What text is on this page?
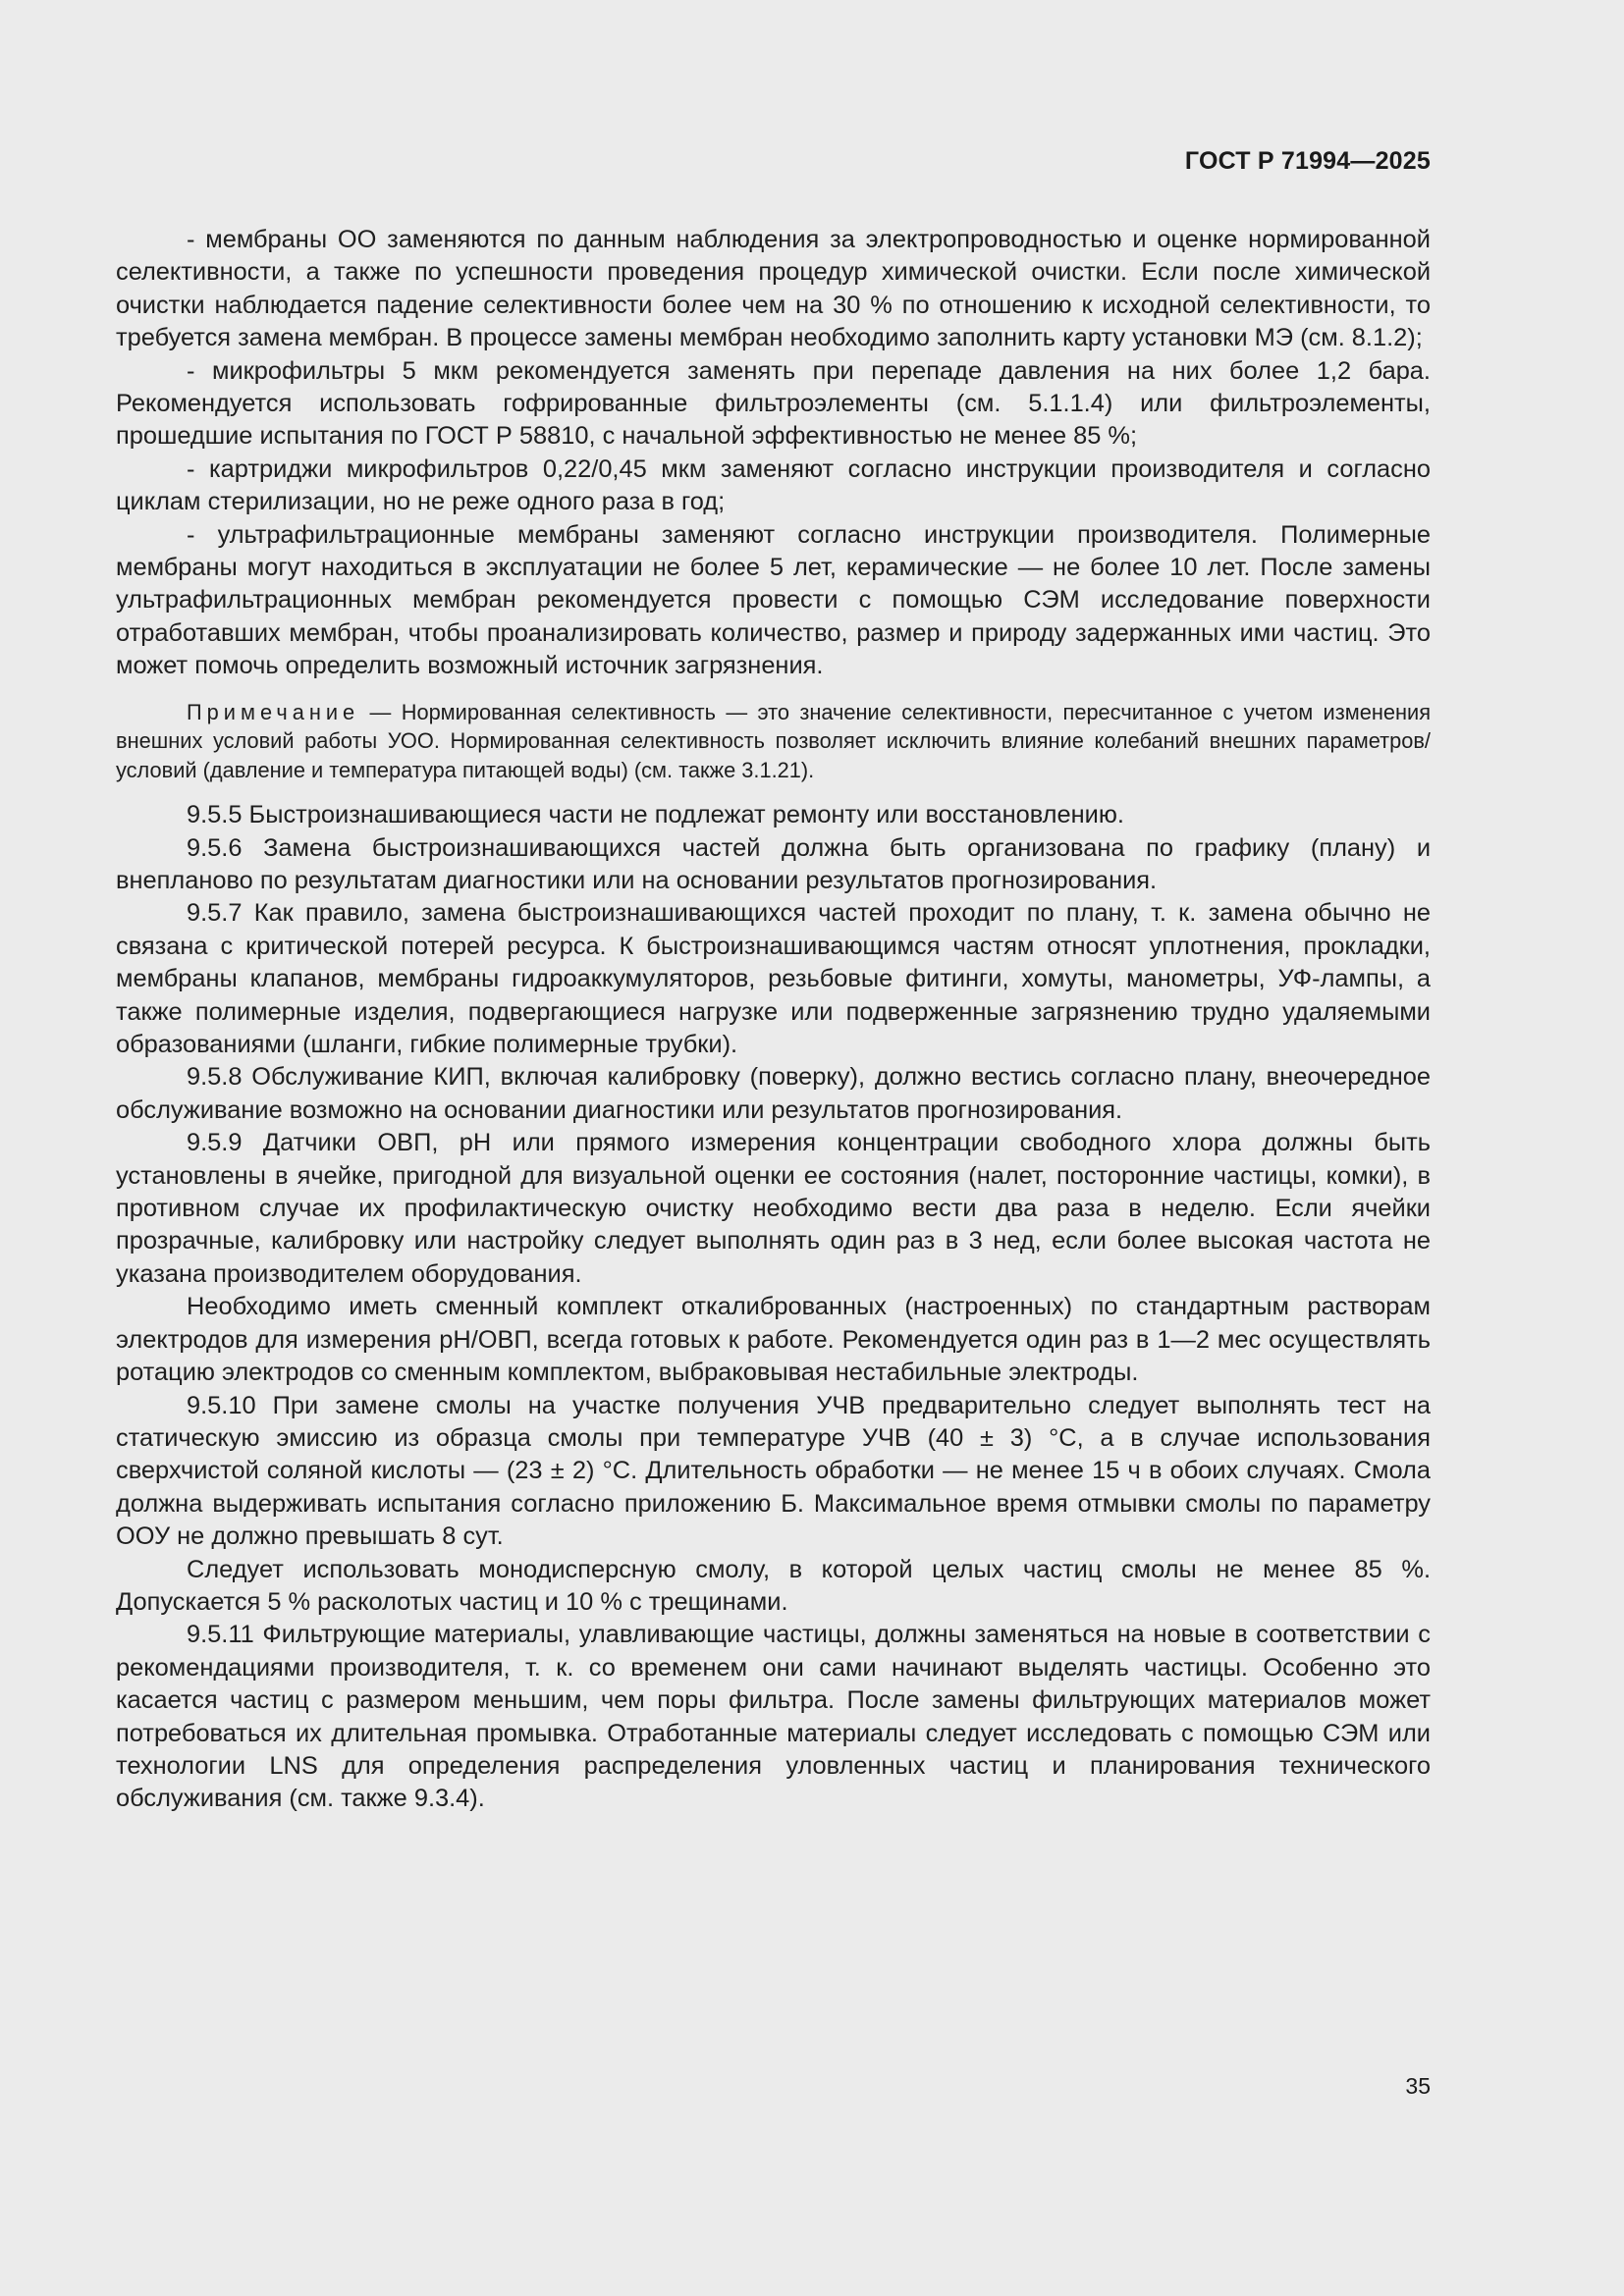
ГОСТ Р 71994—2025

- мембраны ОО заменяются по данным наблюдения за электропроводностью и оценке нормированной селективности, а также по успешности проведения процедур химической очистки. Если после химической очистки наблюдается падение селективности более чем на 30 % по отношению к исходной селективности, то требуется замена мембран. В процессе замены мембран необходимо заполнить карту установки МЭ (см. 8.1.2);

- микрофильтры 5 мкм рекомендуется заменять при перепаде давления на них более 1,2 бара. Рекомендуется использовать гофрированные фильтроэлементы (см. 5.1.1.4) или фильтроэлементы, прошедшие испытания по ГОСТ Р 58810, с начальной эффективностью не менее 85 %;

- картриджи микрофильтров 0,22/0,45 мкм заменяют согласно инструкции производителя и согласно циклам стерилизации, но не реже одного раза в год;

- ультрафильтрационные мембраны заменяют согласно инструкции производителя. Полимерные мембраны могут находиться в эксплуатации не более 5 лет, керамические — не более 10 лет. После замены ультрафильтрационных мембран рекомендуется провести с помощью СЭМ исследование поверхности отработавших мембран, чтобы проанализировать количество, размер и природу задержанных ими частиц. Это может помочь определить возможный источник загрязнения.

Примечание — Нормированная селективность — это значение селективности, пересчитанное с учетом изменения внешних условий работы УОО. Нормированная селективность позволяет исключить влияние колебаний внешних параметров/условий (давление и температура питающей воды) (см. также 3.1.21).

9.5.5 Быстроизнашивающиеся части не подлежат ремонту или восстановлению.

9.5.6 Замена быстроизнашивающихся частей должна быть организована по графику (плану) и внепланово по результатам диагностики или на основании результатов прогнозирования.

9.5.7 Как правило, замена быстроизнашивающихся частей проходит по плану, т. к. замена обычно не связана с критической потерей ресурса. К быстроизнашивающимся частям относят уплотнения, прокладки, мембраны клапанов, мембраны гидроаккумуляторов, резьбовые фитинги, хомуты, манометры, УФ-лампы, а также полимерные изделия, подвергающиеся нагрузке или подверженные загрязнению трудно удаляемыми образованиями (шланги, гибкие полимерные трубки).

9.5.8 Обслуживание КИП, включая калибровку (поверку), должно вестись согласно плану, внеочередное обслуживание возможно на основании диагностики или результатов прогнозирования.

9.5.9 Датчики ОВП, pH или прямого измерения концентрации свободного хлора должны быть установлены в ячейке, пригодной для визуальной оценки ее состояния (налет, посторонние частицы, комки), в противном случае их профилактическую очистку необходимо вести два раза в неделю. Если ячейки прозрачные, калибровку или настройку следует выполнять один раз в 3 нед, если более высокая частота не указана производителем оборудования.

Необходимо иметь сменный комплект откалиброванных (настроенных) по стандартным растворам электродов для измерения pH/ОВП, всегда готовых к работе. Рекомендуется один раз в 1—2 мес осуществлять ротацию электродов со сменным комплектом, выбраковывая нестабильные электроды.

9.5.10 При замене смолы на участке получения УЧВ предварительно следует выполнять тест на статическую эмиссию из образца смолы при температуре УЧВ (40 ± 3) °С, а в случае использования сверхчистой соляной кислоты — (23 ± 2) °С. Длительность обработки — не менее 15 ч в обоих случаях. Смола должна выдерживать испытания согласно приложению Б. Максимальное время отмывки смолы по параметру ООУ не должно превышать 8 сут.

Следует использовать монодисперсную смолу, в которой целых частиц смолы не менее 85 %. Допускается 5 % расколотых частиц и 10 % с трещинами.

9.5.11 Фильтрующие материалы, улавливающие частицы, должны заменяться на новые в соответствии с рекомендациями производителя, т. к. со временем они сами начинают выделять частицы. Особенно это касается частиц с размером меньшим, чем поры фильтра. После замены фильтрующих материалов может потребоваться их длительная промывка. Отработанные материалы следует исследовать с помощью СЭМ или технологии LNS для определения распределения уловленных частиц и планирования технического обслуживания (см. также 9.3.4).

35
